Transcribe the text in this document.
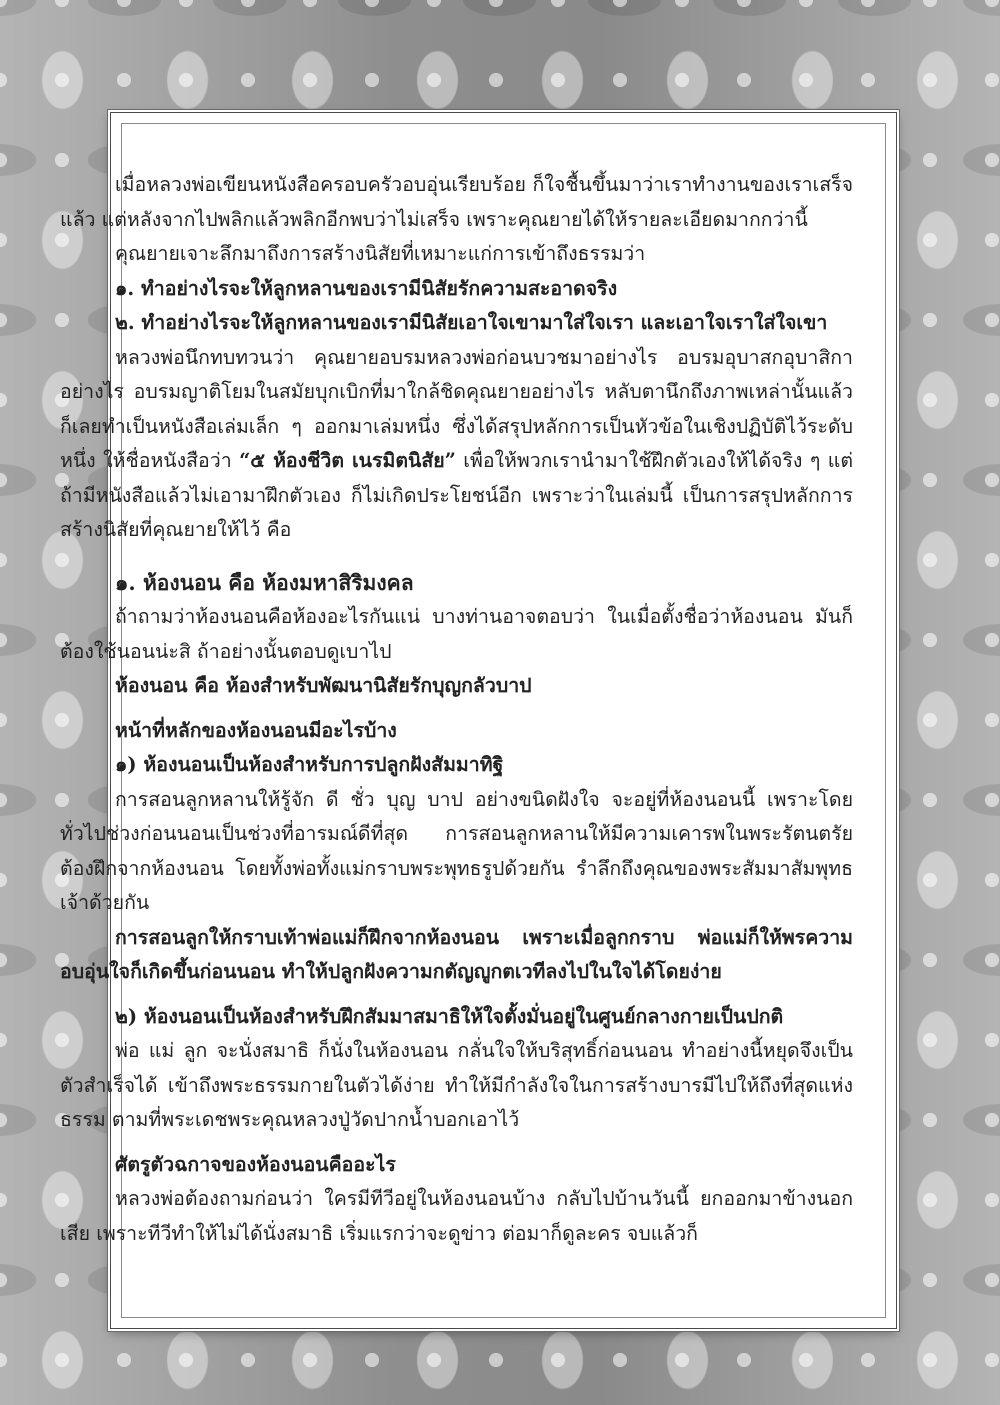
เมื่อหลวงพ่อเขียนหนังสือครอบครัวอบอุ่นเรียบร้อย ก็ใจชื้นขึ้นมาว่าเราทำงานของเราเสร็จแล้ว แต่หลังจากไปพลิกแล้วพลิกอีกพบว่าไม่เสร็จ เพราะคุณยายได้ให้รายละเอียดมากกว่านี้

คุณยายเจาะลึกมาถึงการสร้างนิสัยที่เหมาะแก่การเข้าถึงธรรมว่า

๑. ทำอย่างไรจะให้ลูกหลานของเรามีนิสัยรักความสะอาดจริง

๒. ทำอย่างไรจะให้ลูกหลานของเรามีนิสัยเอาใจเขามาใส่ใจเรา และเอาใจเราใส่ใจเขา

หลวงพ่อนึกทบทวนว่า คุณยายอบรมหลวงพ่อก่อนบวชมาอย่างไร อบรมอุบาสกอุบาสิกาอย่างไร อบรมญาติโยมในสมัยบุกเบิกที่มาใกล้ชิดคุณยายอย่างไร หลับตานึกถึงภาพเหล่านั้นแล้ว ก็เลยทำเป็นหนังสือเล่มเล็ก ๆ ออกมาเล่มหนึ่ง ซึ่งได้สรุปหลักการเป็นหัวข้อในเชิงปฏิบัติไว้ระดับหนึ่ง ให้ชื่อหนังสือว่า “๕ ห้องชีวิต เนรมิตนิสัย” เพื่อให้พวกเรานำมาใช้ฝึกตัวเองให้ได้จริง ๆ แต่ถ้ามีหนังสือแล้วไม่เอามาฝึกตัวเอง ก็ไม่เกิดประโยชน์อีก เพราะว่าในเล่มนี้ เป็นการสรุปหลักการสร้างนิสัยที่คุณยายให้ไว้ คือ

๑. ห้องนอน คือ ห้องมหาสิริมงคล

ถ้าถามว่าห้องนอนคือห้องอะไรกันแน่ บางท่านอาจตอบว่า ในเมื่อตั้งชื่อว่าห้องนอน มันก็ต้องใช้นอนน่ะสิ ถ้าอย่างนั้นตอบดูเบาไป

ห้องนอน คือ ห้องสำหรับพัฒนานิสัยรักบุญกลัวบาป

หน้าที่หลักของห้องนอนมีอะไรบ้าง

๑) ห้องนอนเป็นห้องสำหรับการปลูกฝังสัมมาทิฐิ

การสอนลูกหลานให้รู้จัก ดี ชั่ว บุญ บาป อย่างขนิดฝังใจ จะอยู่ที่ห้องนอนนี้ เพราะโดยทั่วไปช่วงก่อนนอนเป็นช่วงที่อารมณ์ดีที่สุด การสอนลูกหลานให้มีความเคารพในพระรัตนตรัย ต้องฝึกจากห้องนอน โดยทั้งพ่อทั้งแม่กราบพระพุทธรูปด้วยกัน รำลึกถึงคุณของพระสัมมาสัมพุทธเจ้าด้วยกัน

การสอนลูกให้กราบเท้าพ่อแม่ก็ฝึกจากห้องนอน เพราะเมื่อลูกกราบ พ่อแม่ก็ให้พรความอบอุ่นใจก็เกิดขึ้นก่อนนอน ทำให้ปลูกฝังความกตัญญูกตเวทีลงไปในใจได้โดยง่าย

๒) ห้องนอนเป็นห้องสำหรับฝึกสัมมาสมาธิให้ใจตั้งมั่นอยู่ในศูนย์กลางกายเป็นปกติ

พ่อ แม่ ลูก จะนั่งสมาธิ ก็นั่งในห้องนอน กลั่นใจให้บริสุทธิ์ก่อนนอน ทำอย่างนี้หยุดจึงเป็นตัวสำเร็จได้ เข้าถึงพระธรรมกายในตัวได้ง่าย ทำให้มีกำลังใจในการสร้างบารมีไปให้ถึงที่สุดแห่งธรรม ตามที่พระเดชพระคุณหลวงปู่วัดปากน้ำบอกเอาไว้

ศัตรูตัวฉกาจของห้องนอนคืออะไร

หลวงพ่อต้องถามก่อนว่า ใครมีทีวีอยู่ในห้องนอนบ้าง กลับไปบ้านวันนี้ ยกออกมาข้างนอกเสีย เพราะทีวีทำให้ไม่ได้นั่งสมาธิ เริ่มแรกว่าจะดูข่าว ต่อมาก็ดูละคร จบแล้วก็
